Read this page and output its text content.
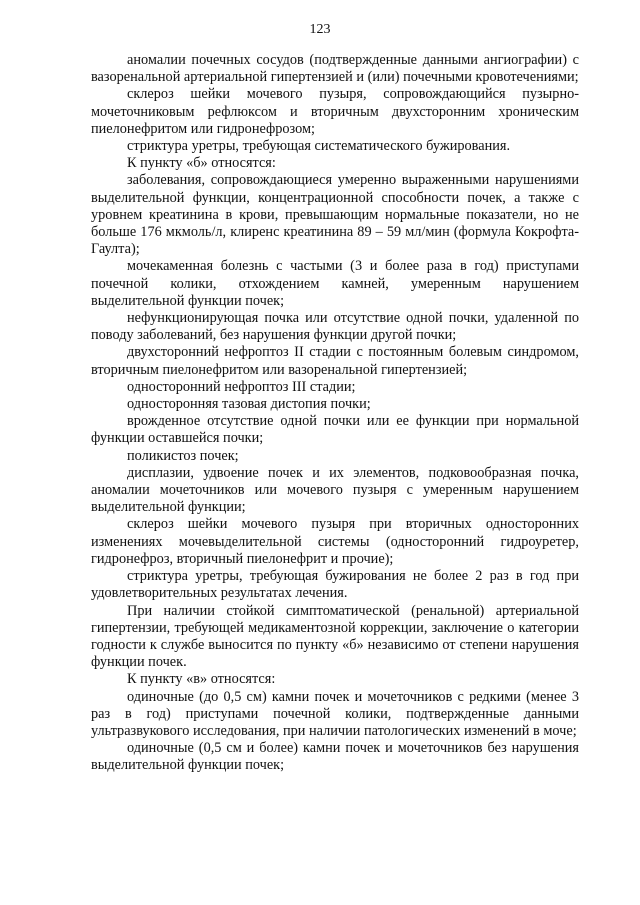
123

аномалии почечных сосудов (подтвержденные данными ангиографии) с вазоренальной артериальной гипертензией и (или) почечными кровотечениями;

склероз шейки мочевого пузыря, сопровождающийся пузырно-мочеточниковым рефлюксом и вторичным двухсторонним хроническим пиелонефритом или гидронефрозом;

стриктура уретры, требующая систематического бужирования.

К пункту «б» относятся:

заболевания, сопровождающиеся умеренно выраженными нарушениями выделительной функции, концентрационной способности почек, а также с уровнем креатинина в крови, превышающим нормальные показатели, но не больше 176 мкмоль/л, клиренс креатинина 89 – 59 мл/мин (формула Кокрофта-Гаулта);

мочекаменная болезнь с частыми (3 и более раза в год) приступами почечной колики, отхождением камней, умеренным нарушением выделительной функции почек;

нефункционирующая почка или отсутствие одной почки, удаленной по поводу заболеваний, без нарушения функции другой почки;

двухсторонний нефроптоз II стадии с постоянным болевым синдромом, вторичным пиелонефритом или вазоренальной гипертензией;

односторонний нефроптоз III стадии;

односторонняя тазовая дистопия почки;

врожденное отсутствие одной почки или ее функции при нормальной функции оставшейся почки;

поликистоз почек;

дисплазии, удвоение почек и их элементов, подковообразная почка, аномалии мочеточников или мочевого пузыря с умеренным нарушением выделительной функции;

склероз шейки мочевого пузыря при вторичных односторонних изменениях мочевыделительной системы (односторонний гидроуретер, гидронефроз, вторичный пиелонефрит и прочие);

стриктура уретры, требующая бужирования не более 2 раз в год при удовлетворительных результатах лечения.

При наличии стойкой симптоматической (ренальной) артериальной гипертензии, требующей медикаментозной коррекции, заключение о категории годности к службе выносится по пункту «б» независимо от степени нарушения функции почек.

К пункту «в» относятся:

одиночные (до 0,5 см) камни почек и мочеточников с редкими (менее 3 раз в год) приступами почечной колики, подтвержденные данными ультразвукового исследования, при наличии патологических изменений в моче;

одиночные (0,5 см и более) камни почек и мочеточников без нарушения выделительной функции почек;
